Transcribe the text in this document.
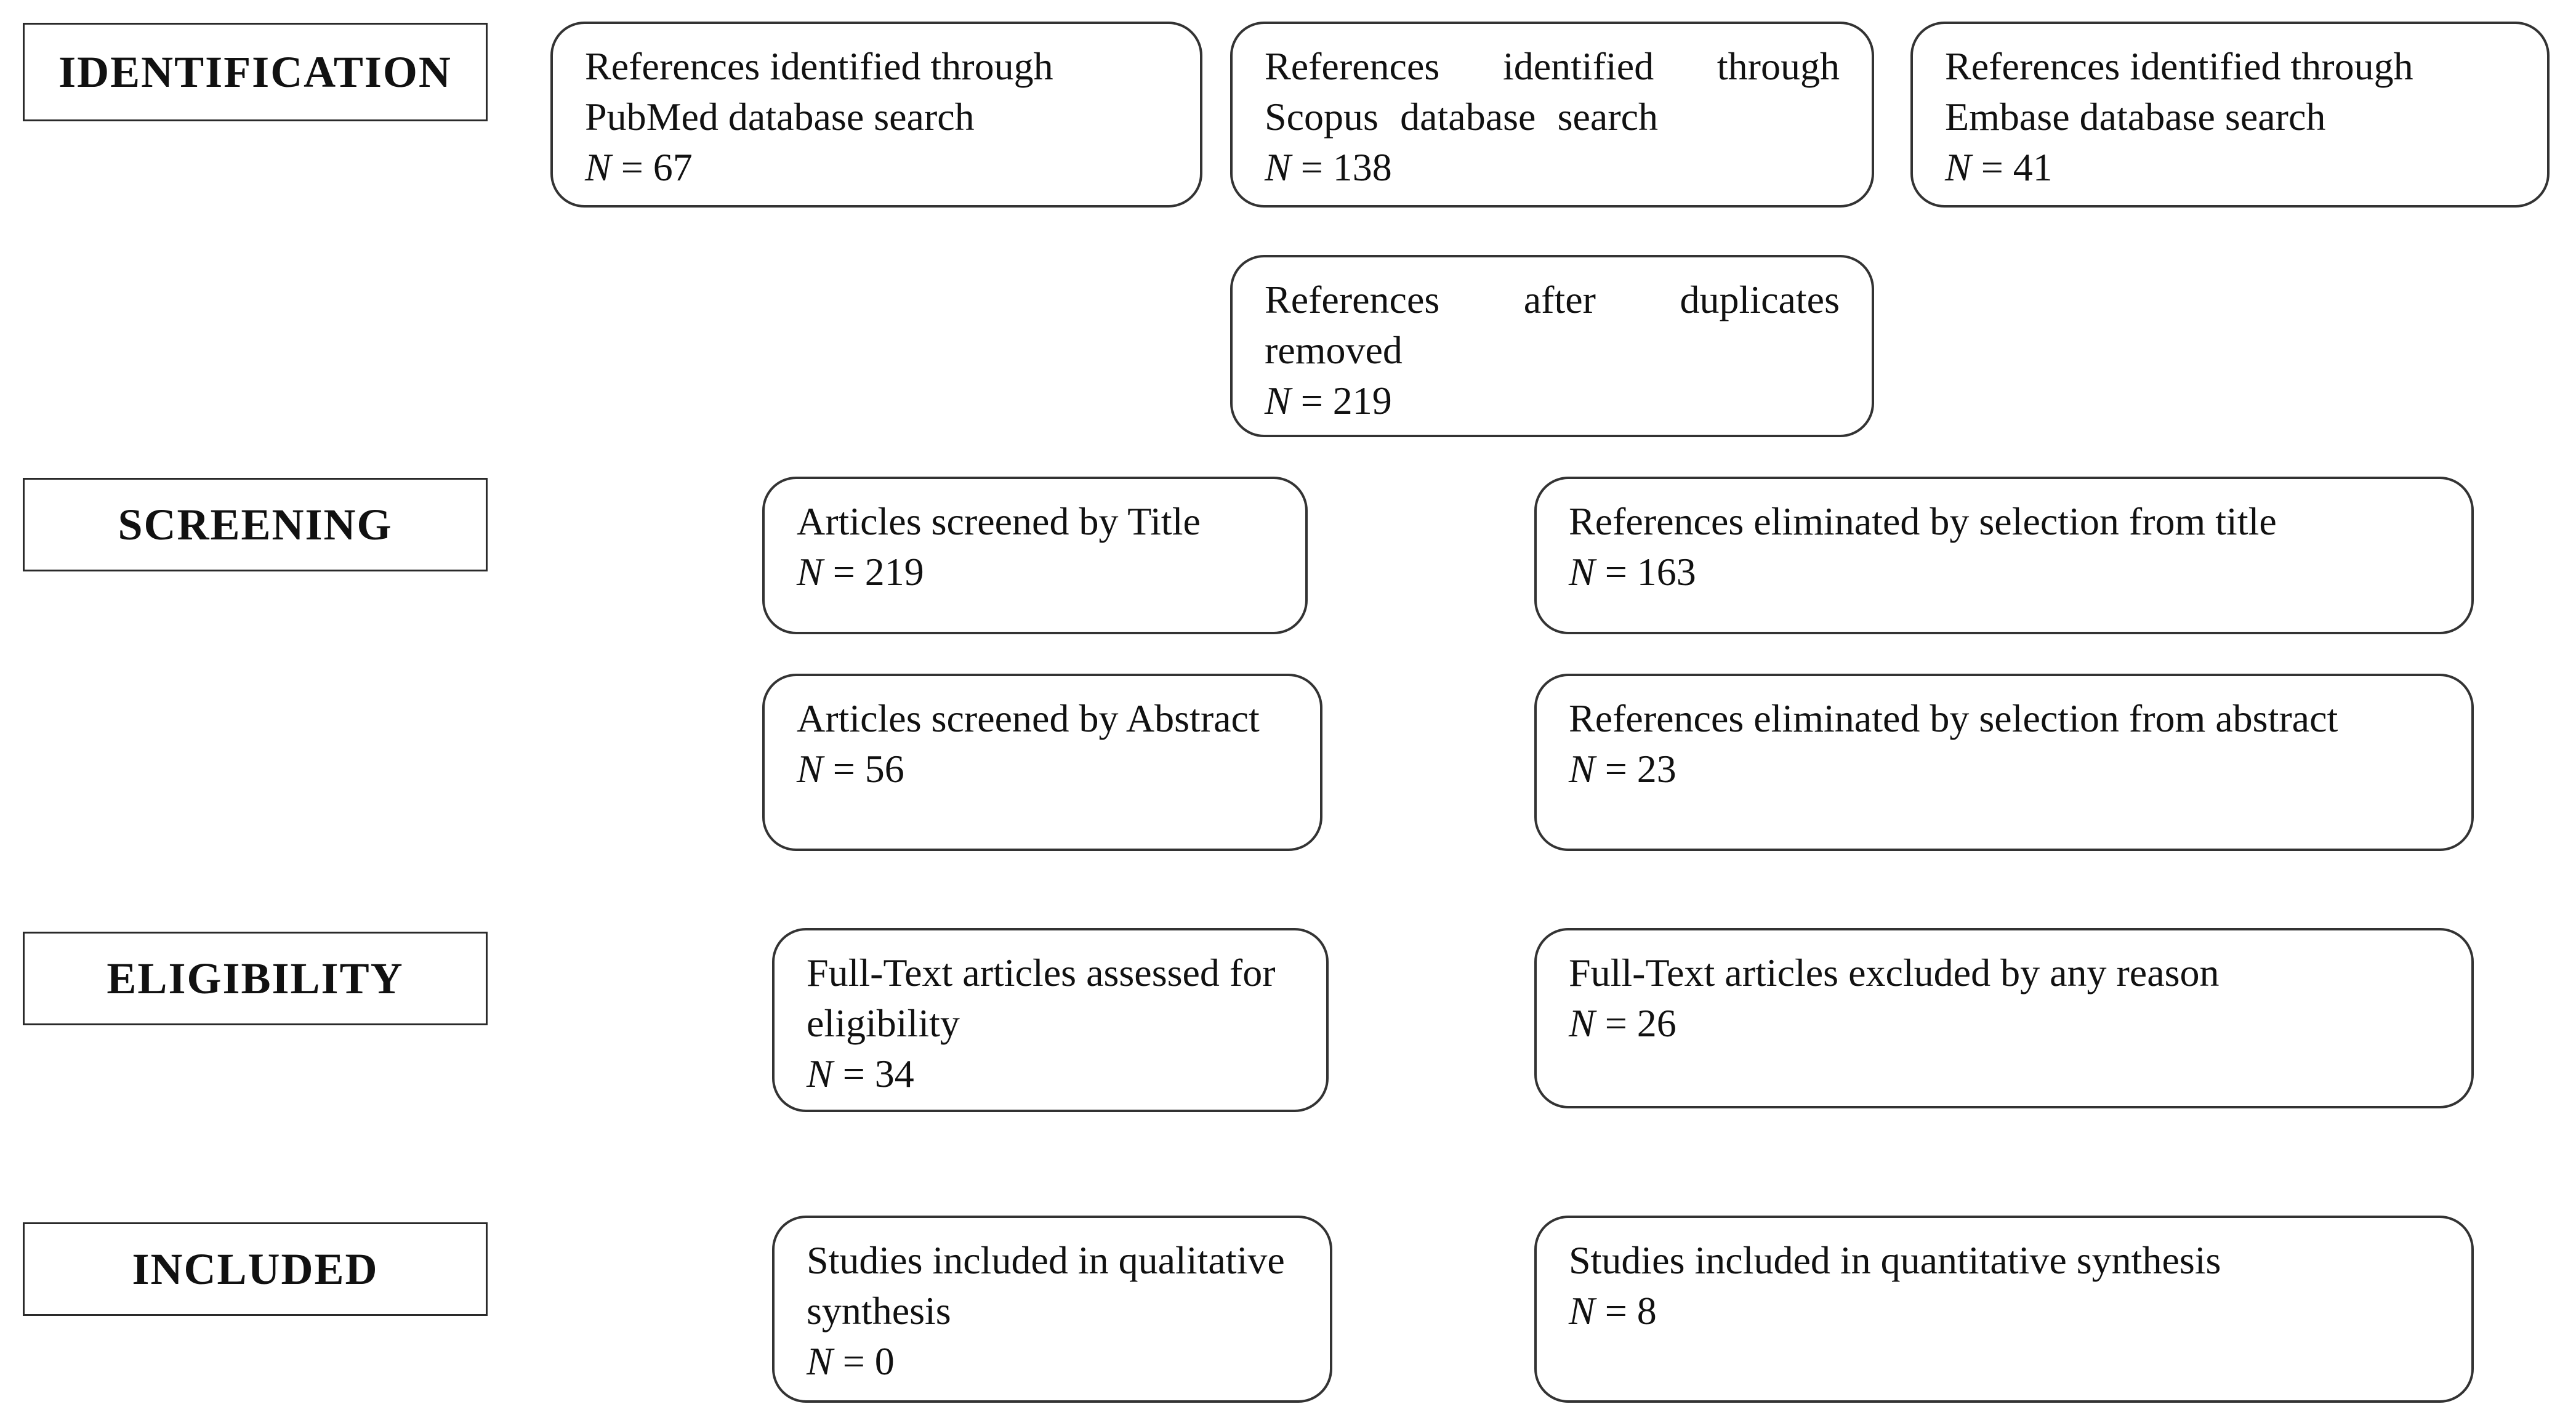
IDENTIFICATION
SCREENING
ELIGIBILITY
INCLUDED
References identified through PubMed database search
N = 67
References identified through Scopus database search
N = 138
References identified through Embase database search
N = 41
References after duplicates removed
N = 219
Articles screened by Title
N = 219
References eliminated by selection from title
N = 163
Articles screened by Abstract
N = 56
References eliminated by selection from abstract
N = 23
Full-Text articles assessed for eligibility
N = 34
Full-Text articles excluded by any reason
N = 26
Studies included in qualitative synthesis
N = 0
Studies included in quantitative synthesis
N = 8
